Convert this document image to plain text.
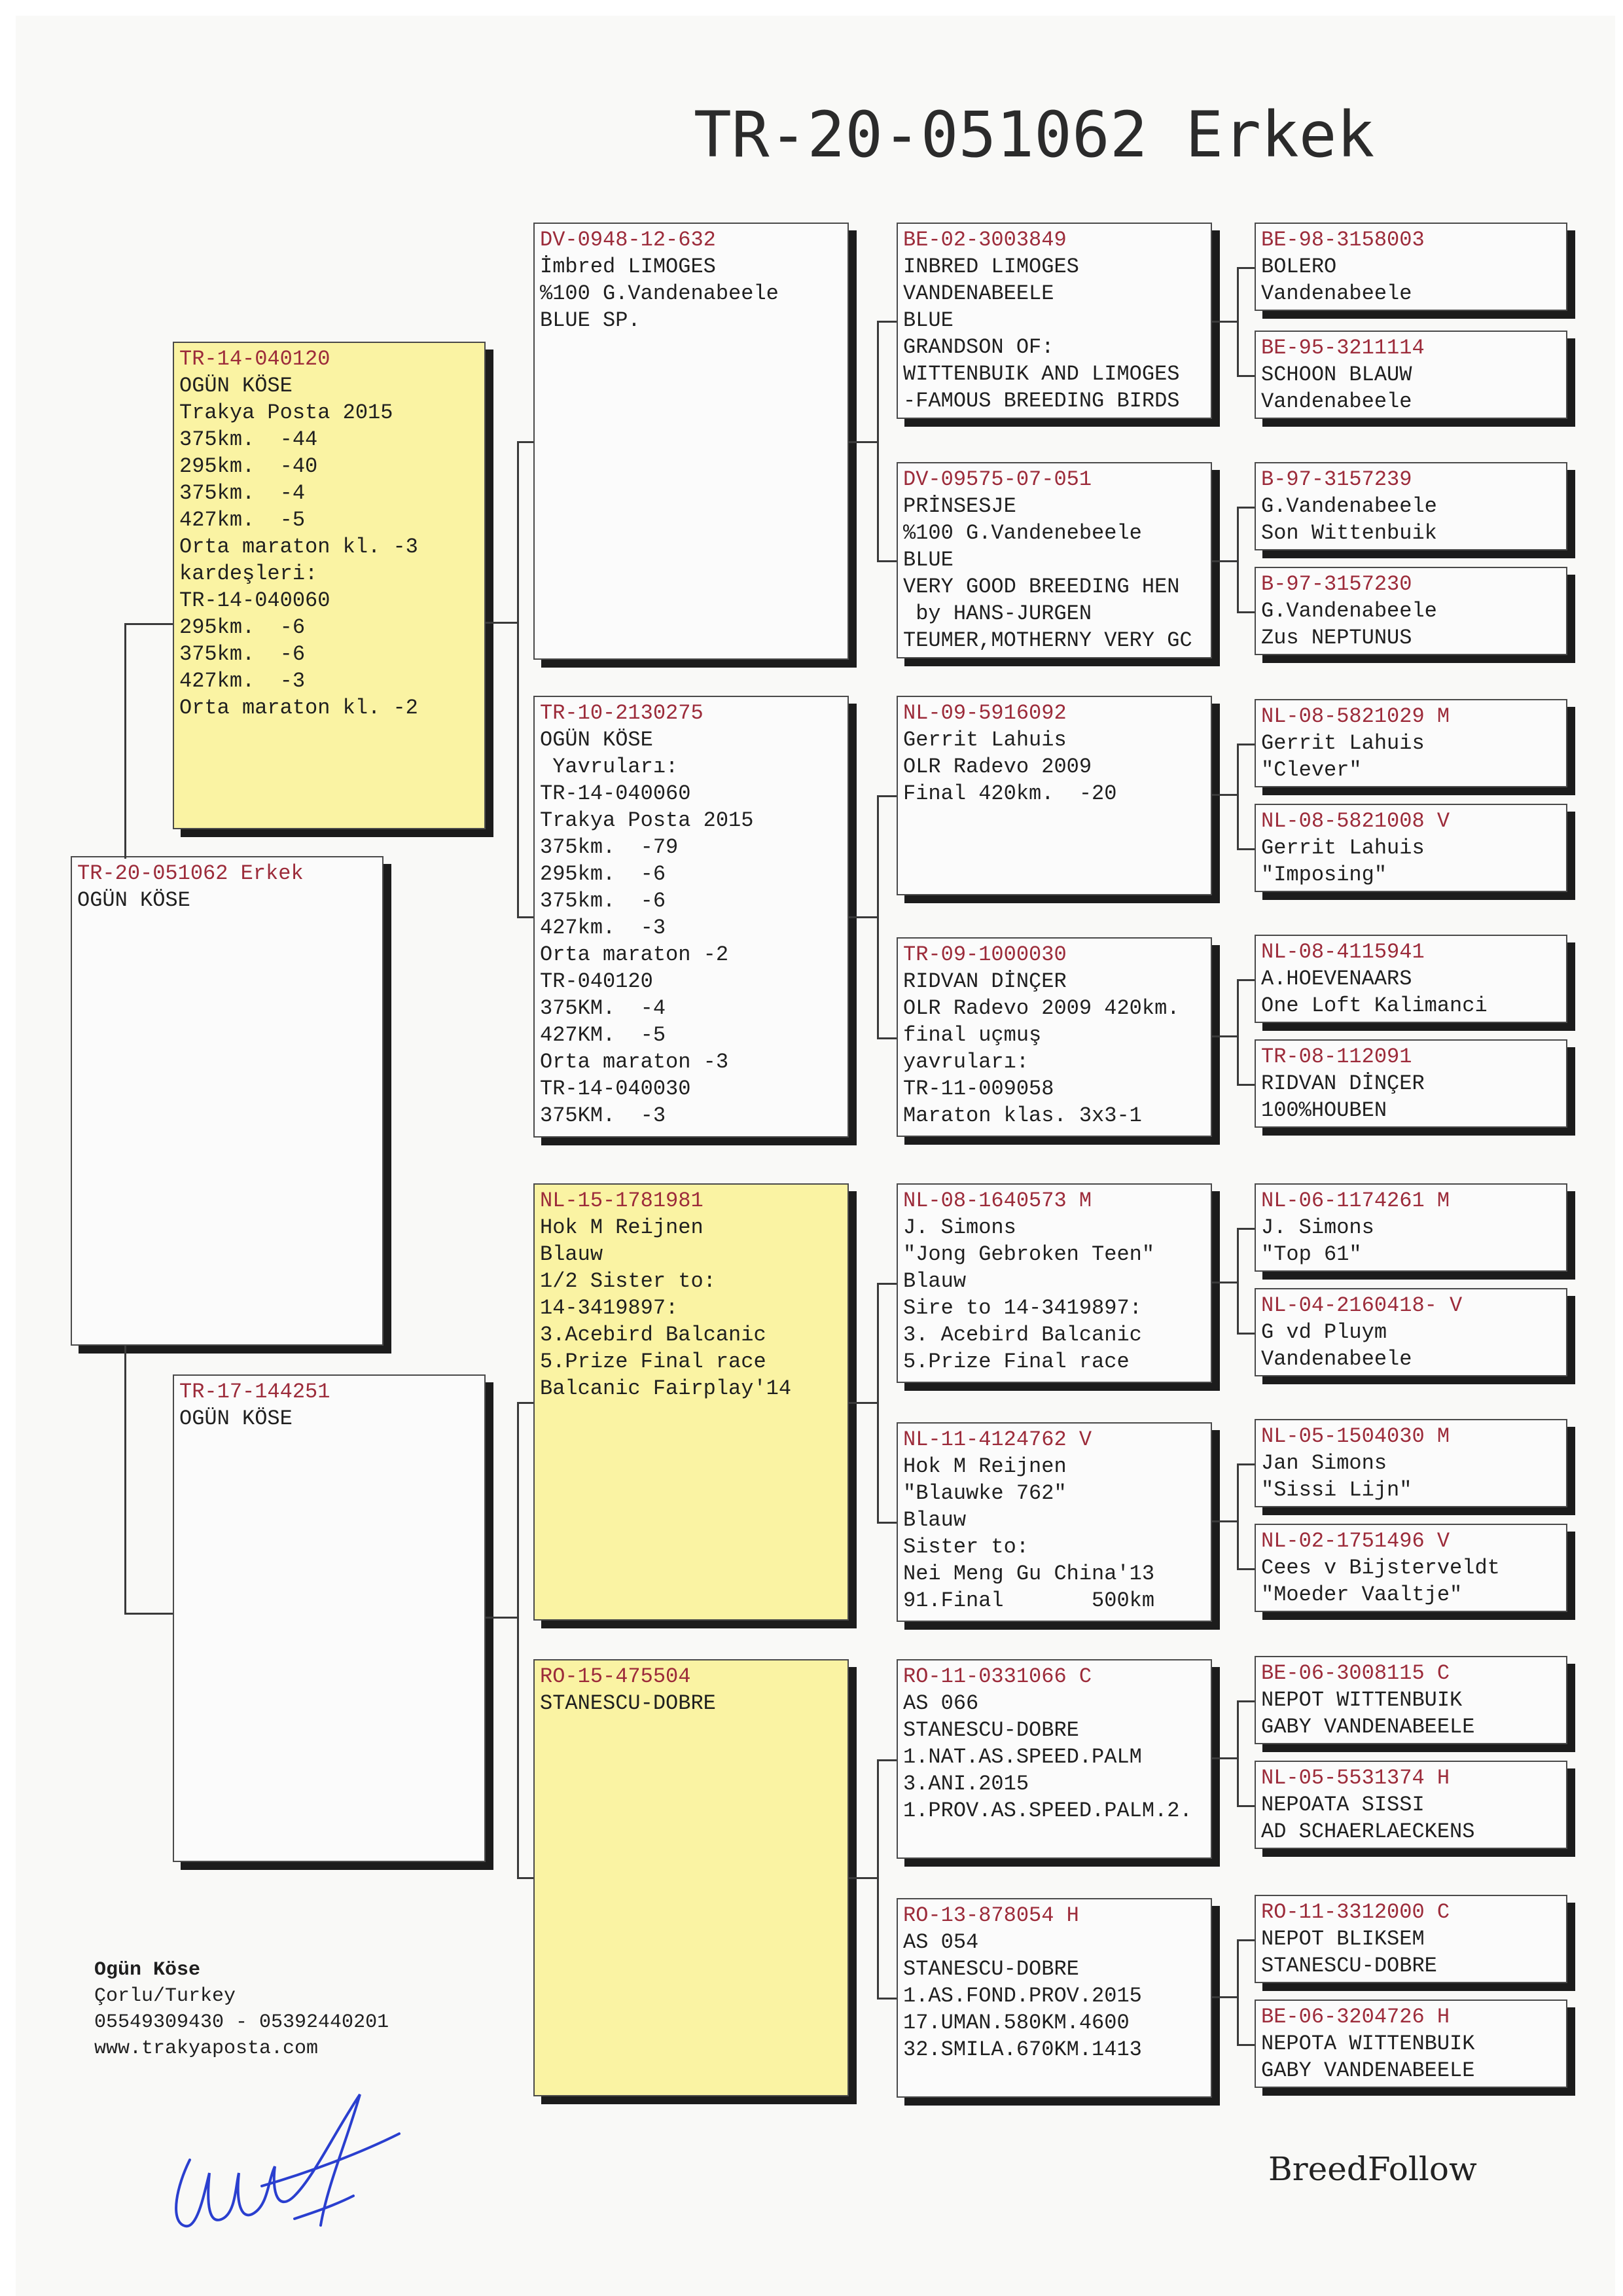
TR-20-051062 Erkek
TR-20-051062 Erkek
OGÜN KÖSE
TR-14-040120
OGÜN KÖSE
Trakya Posta 2015
375km.  -44
295km.  -40
375km.  -4
427km.  -5
Orta maraton kl. -3
kardeşleri:
TR-14-040060
295km.  -6
375km.  -6
427km.  -3
Orta maraton kl. -2
TR-17-144251
OGÜN KÖSE
DV-0948-12-632
İmbred LIMOGES
%100 G.Vandenabeele
BLUE SP.
TR-10-2130275
OGÜN KÖSE
Yavruları:
TR-14-040060
Trakya Posta 2015
375km.  -79
295km.  -6
375km.  -6
427km.  -3
Orta maraton -2
TR-040120
375KM.  -4
427KM.  -5
Orta maraton -3
TR-14-040030
375KM.  -3
NL-15-1781981
Hok M Reijnen
Blauw
1/2 Sister to:
14-3419897:
3.Acebird Balcanic
5.Prize Final race
Balcanic Fairplay'14
RO-15-475504
STANESCU-DOBRE
BE-02-3003849
INBRED LIMOGES
VANDENABEELE
BLUE
GRANDSON OF:
WITTENBUIK AND LIMOGES
-FAMOUS BREEDING BIRDS
DV-09575-07-051
PRİNSESJE
%100 G.Vandenebeele
BLUE
VERY GOOD BREEDING HEN
by HANS-JURGEN
TEUMER,MOTHERNY VERY GC
NL-09-5916092
Gerrit Lahuis
OLR Radevo 2009
Final 420km.  -20
TR-09-1000030
RIDVAN DİNÇER
OLR Radevo 2009 420km.
final uçmuş
yavruları:
TR-11-009058
Maraton klas. 3x3-1
NL-08-1640573 M
J. Simons
"Jong Gebroken Teen"
Blauw
Sire to 14-3419897:
3. Acebird Balcanic
5.Prize Final race
NL-11-4124762 V
Hok M Reijnen
"Blauwke 762"
Blauw
Sister to:
Nei Meng Gu China'13
91.Final       500km
RO-11-0331066 C
AS 066
STANESCU-DOBRE
1.NAT.AS.SPEED.PALM
3.ANI.2015
1.PROV.AS.SPEED.PALM.2.
RO-13-878054 H
AS 054
STANESCU-DOBRE
1.AS.FOND.PROV.2015
17.UMAN.580KM.4600
32.SMILA.670KM.1413
BE-98-3158003
BOLERO
Vandenabeele
BE-95-3211114
SCHOON BLAUW
Vandenabeele
B-97-3157239
G.Vandenabeele
Son Wittenbuik
B-97-3157230
G.Vandenabeele
Zus NEPTUNUS
NL-08-5821029 M
Gerrit Lahuis
"Clever"
NL-08-5821008 V
Gerrit Lahuis
"Imposing"
NL-08-4115941
A.HOEVENAARS
One Loft Kalimanci
TR-08-112091
RIDVAN DİNÇER
100%HOUBEN
NL-06-1174261 M
J. Simons
"Top 61"
NL-04-2160418- V
G vd Pluym
Vandenabeele
NL-05-1504030 M
Jan Simons
"Sissi Lijn"
NL-02-1751496 V
Cees v Bijsterveldt
"Moeder Vaaltje"
BE-06-3008115 C
NEPOT WITTENBUIK
GABY VANDENABEELE
NL-05-5531374 H
NEPOATA SISSI
AD SCHAERLAECKENS
RO-11-3312000 C
NEPOT BLIKSEM
STANESCU-DOBRE
BE-06-3204726 H
NEPOTA WITTENBUIK
GABY VANDENABEELE
Ogün Köse
Çorlu/Turkey
05549309430 - 05392440201
www.trakyaposta.com
BreedFollow
